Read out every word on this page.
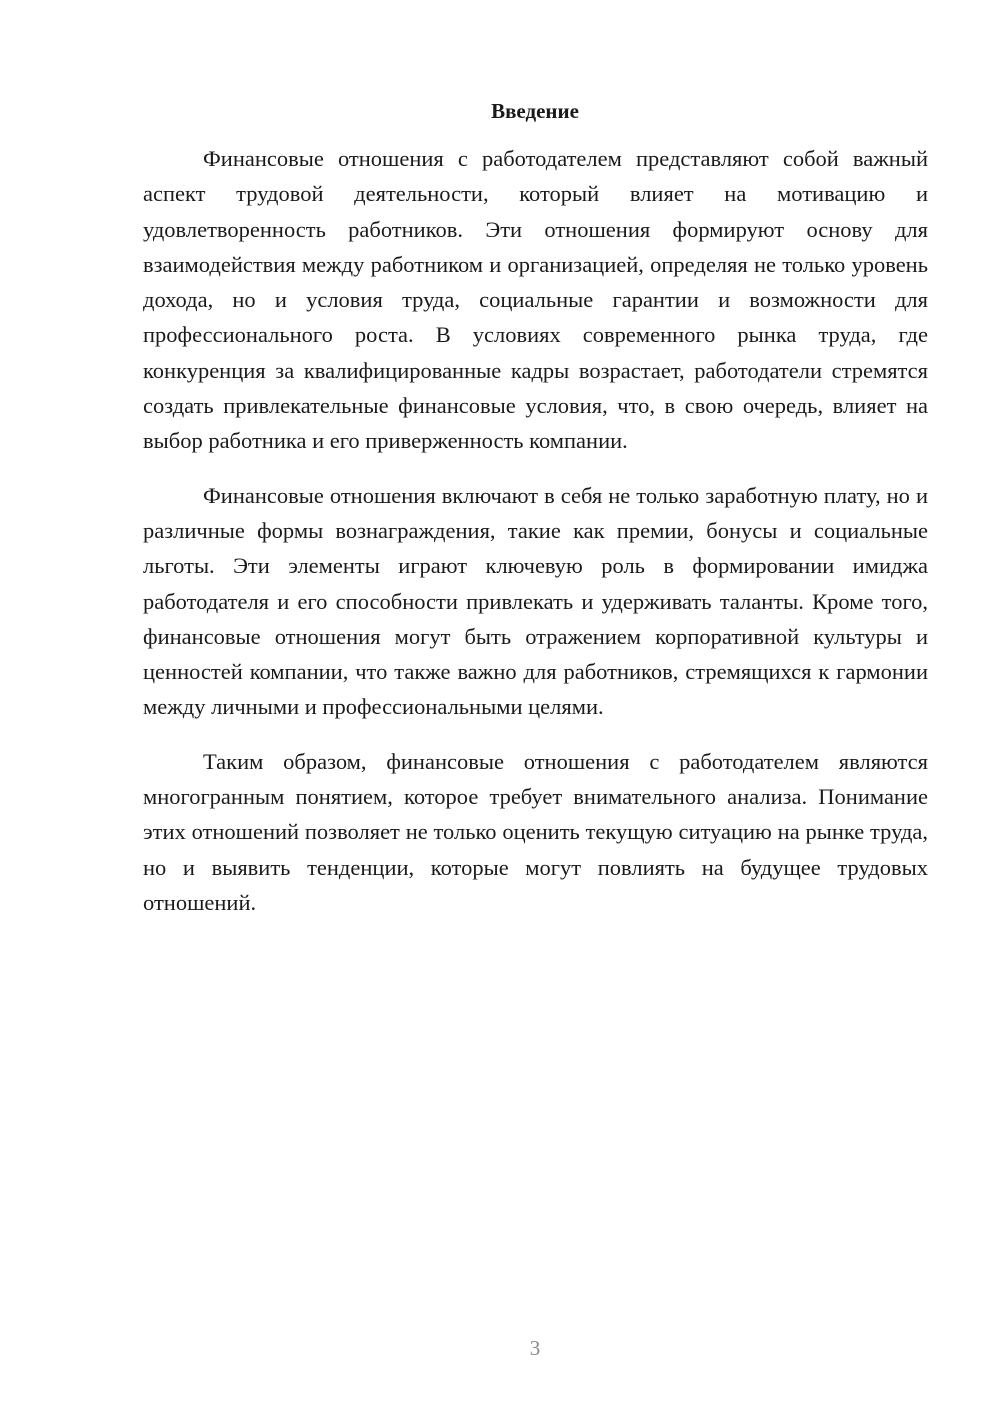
Введение

Финансовые отношения с работодателем представляют собой важный аспект трудовой деятельности, который влияет на мотивацию и удовлетворенность работников. Эти отношения формируют основу для взаимодействия между работником и организацией, определяя не только уровень дохода, но и условия труда, социальные гарантии и возможности для профессионального роста. В условиях современного рынка труда, где конкуренция за квалифицированные кадры возрастает, работодатели стремятся создать привлекательные финансовые условия, что, в свою очередь, влияет на выбор работника и его приверженность компании.

Финансовые отношения включают в себя не только заработную плату, но и различные формы вознаграждения, такие как премии, бонусы и социальные льготы. Эти элементы играют ключевую роль в формировании имиджа работодателя и его способности привлекать и удерживать таланты. Кроме того, финансовые отношения могут быть отражением корпоративной культуры и ценностей компании, что также важно для работников, стремящихся к гармонии между личными и профессиональными целями.

Таким образом, финансовые отношения с работодателем являются многогранным понятием, которое требует внимательного анализа. Понимание этих отношений позволяет не только оценить текущую ситуацию на рынке труда, но и выявить тенденции, которые могут повлиять на будущее трудовых отношений.

3
